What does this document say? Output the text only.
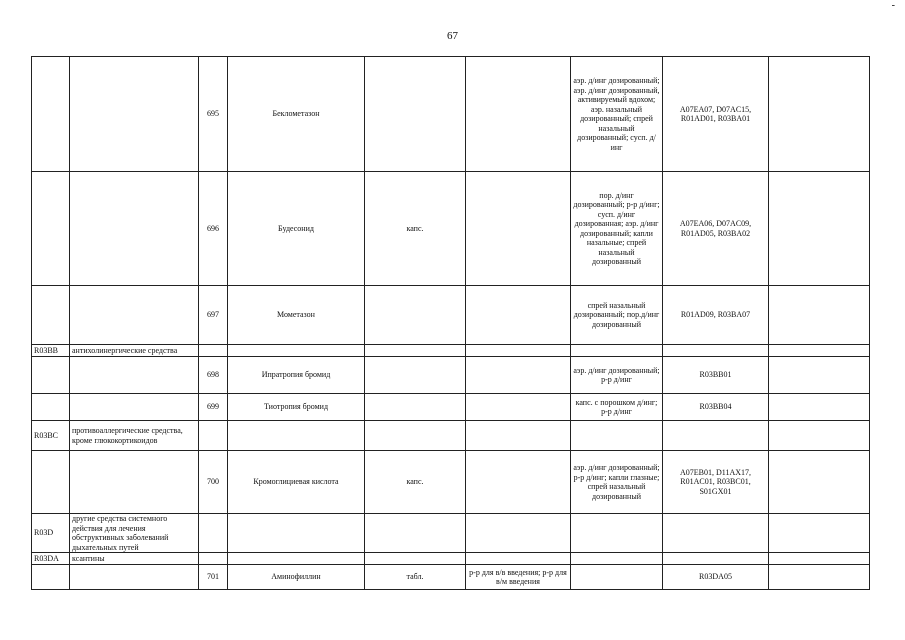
67
-
		695	Беклометазон			аэр. д/инг дозированный; аэр. д/инг дозированный, активируемый вдохом; аэр. назальный дозированный; спрей назальный дозированный; сусп. д/инг	A07EA07, D07AC15, R01AD01, R03BA01	
		696	Будесонид	капс.		пор. д/инг дозированный; р-р д/инг; сусп. д/инг дозированная; аэр. д/инг дозированный; капли назальные; спрей назальный дозированный	A07EA06, D07AC09, R01AD05, R03BA02	
		697	Мометазон			спрей назальный дозированный; пор.д/инг дозированный	R01AD09, R03BA07	
R03BB	антихолинергические средства							
		698	Ипратропия бромид			аэр. д/инг дозированный; р-р д/инг	R03BB01	
		699	Тиотропия бромид			капс. с порошком д/инг; р-р д/инг	R03BB04	
R03BC	противоаллергические средства, кроме глюкокортикоидов							
		700	Кромоглициевая кислота	капс.		аэр. д/инг дозированный; р-р д/инг; капли глазные; спрей назальный дозированный	A07EB01, D11AX17, R01AC01, R03BC01, S01GX01	
R03D	другие средства системного действия для лечения обструктивных заболеваний дыхательных путей							
R03DA	ксантины							
		701	Аминофиллин	табл.	р-р для в/в введения; р-р для в/м введения		R03DA05	
